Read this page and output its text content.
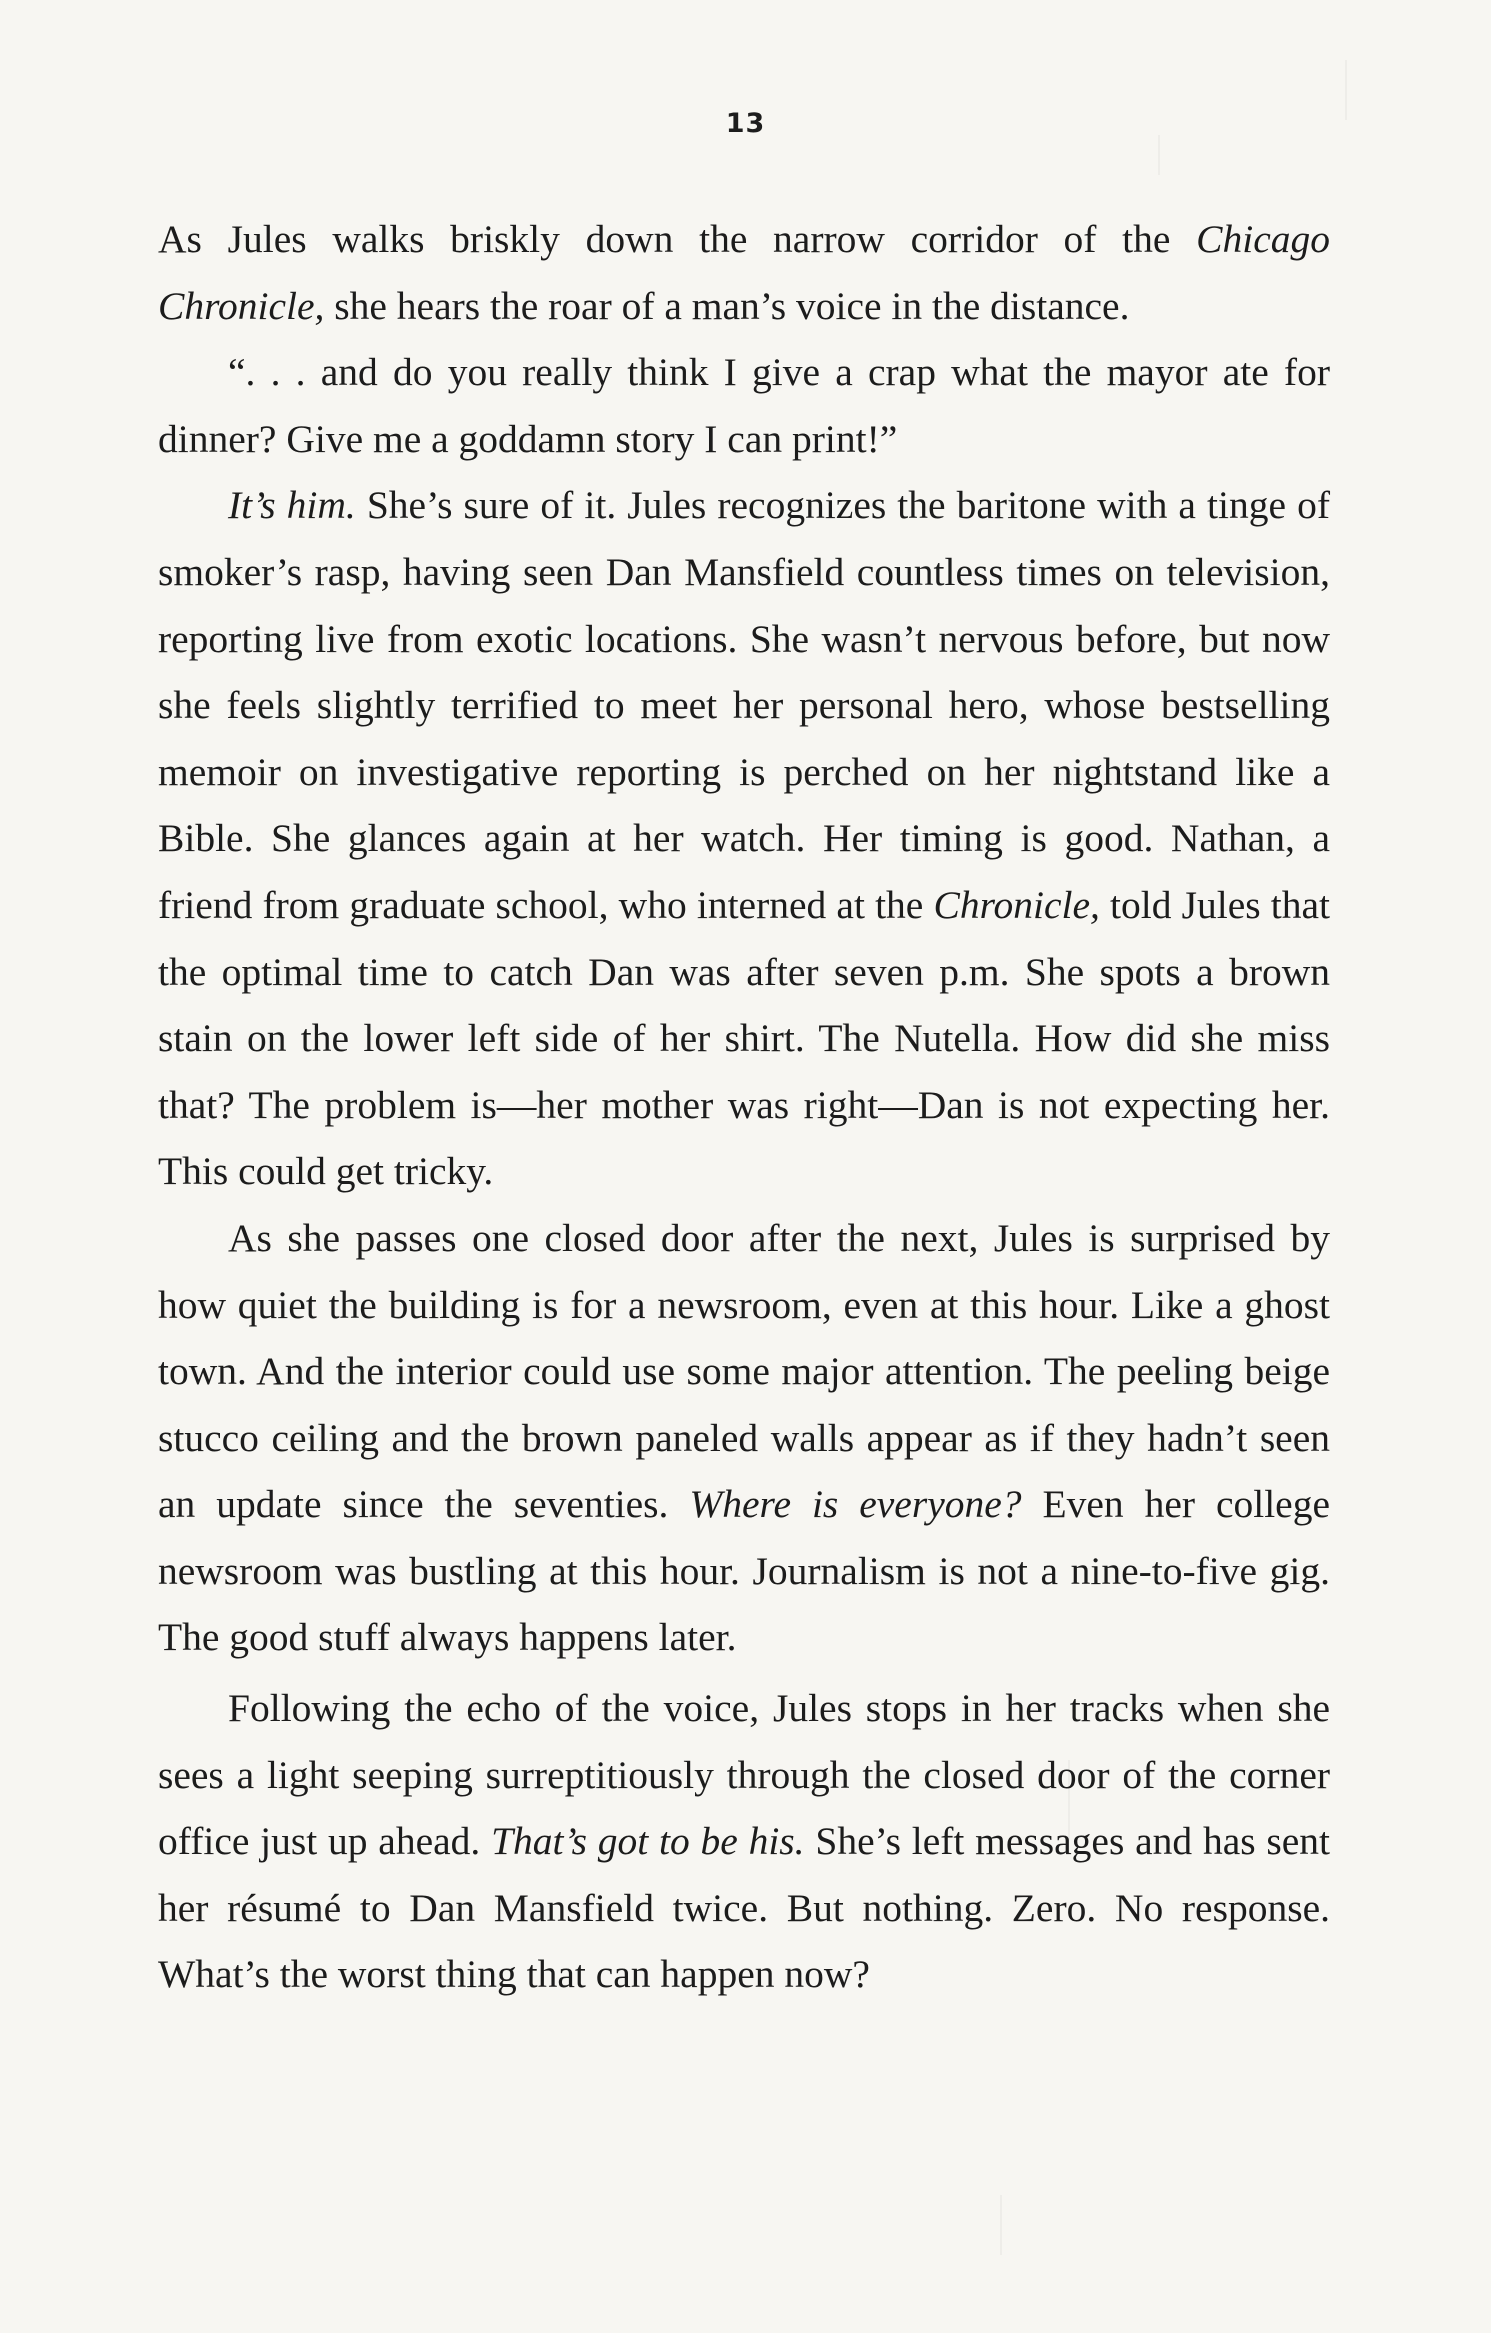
13

As Jules walks briskly down the narrow corridor of the Chicago Chronicle, she hears the roar of a man’s voice in the distance.

“. . . and do you really think I give a crap what the mayor ate for dinner? Give me a goddamn story I can print!”

It’s him. She’s sure of it. Jules recognizes the baritone with a tinge of smoker’s rasp, having seen Dan Mansfield countless times on television, reporting live from exotic locations. She wasn’t nervous before, but now she feels slightly terrified to meet her personal hero, whose bestselling memoir on investigative reporting is perched on her nightstand like a Bible. She glances again at her watch. Her timing is good. Nathan, a friend from graduate school, who interned at the Chronicle, told Jules that the optimal time to catch Dan was after seven p.m. She spots a brown stain on the lower left side of her shirt. The Nutella. How did she miss that? The problem is—her mother was right—Dan is not expecting her. This could get tricky.

As she passes one closed door after the next, Jules is surprised by how quiet the building is for a newsroom, even at this hour. Like a ghost town. And the interior could use some major attention. The peeling beige stucco ceiling and the brown paneled walls appear as if they hadn’t seen an update since the seventies. Where is everyone? Even her college newsroom was bustling at this hour. Journalism is not a nine-to-five gig. The good stuff always happens later.

Following the echo of the voice, Jules stops in her tracks when she sees a light seeping surreptitiously through the closed door of the corner office just up ahead. That’s got to be his. She’s left messages and has sent her résumé to Dan Mansfield twice. But nothing. Zero. No response. What’s the worst thing that can happen now?
